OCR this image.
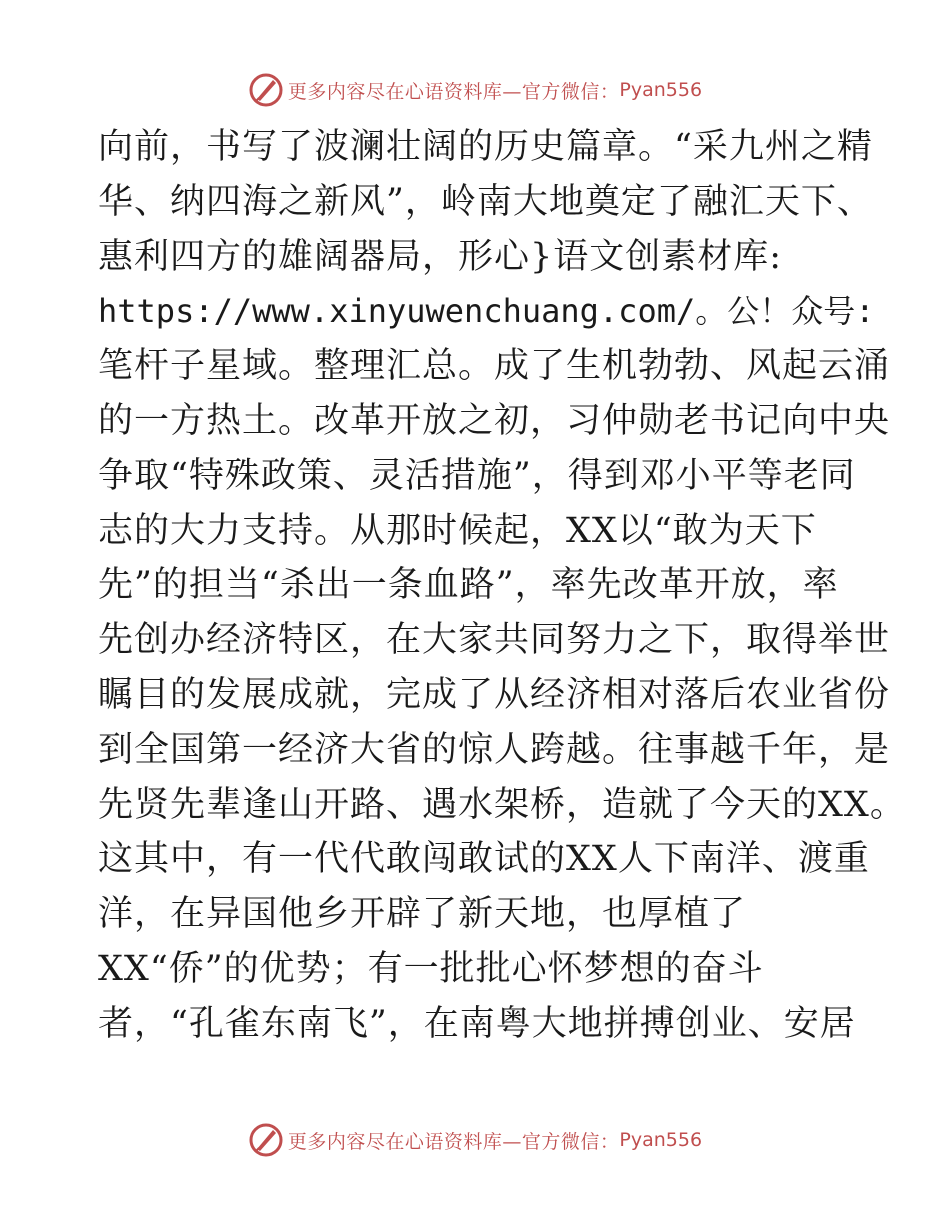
更多内容尽在心语资料库—官方微信： Pyan556
向前，书写了波澜壮阔的历史篇章。“采九州之精
华、纳四海之新风”，岭南大地奠定了融汇天下、
惠利四方的雄阔器局，形心}语文创素材库:
https://www.xinyuwenchuang.com/。公！众号:
笔杆子星域。整理汇总。成了生机勃勃、风起云涌
的一方热土。改革开放之初，习仲勋老书记向中央
争取“特殊政策、灵活措施”，得到邓小平等老同
志的大力支持。从那时候起，XX以“敢为天下
先”的担当“杀出一条血路”，率先改革开放，率
先创办经济特区，在大家共同努力之下，取得举世
瞩目的发展成就，完成了从经济相对落后农业省份
到全国第一经济大省的惊人跨越。往事越千年，是
先贤先辈逢山开路、遇水架桥，造就了今天的XX。
这其中，有一代代敢闯敢试的XX人下南洋、渡重
洋，在异国他乡开辟了新天地，也厚植了
XX“侨”的优势；有一批批心怀梦想的奋斗
者，“孔雀东南飞”，在南粤大地拼搏创业、安居
更多内容尽在心语资料库—官方微信： Pyan556
